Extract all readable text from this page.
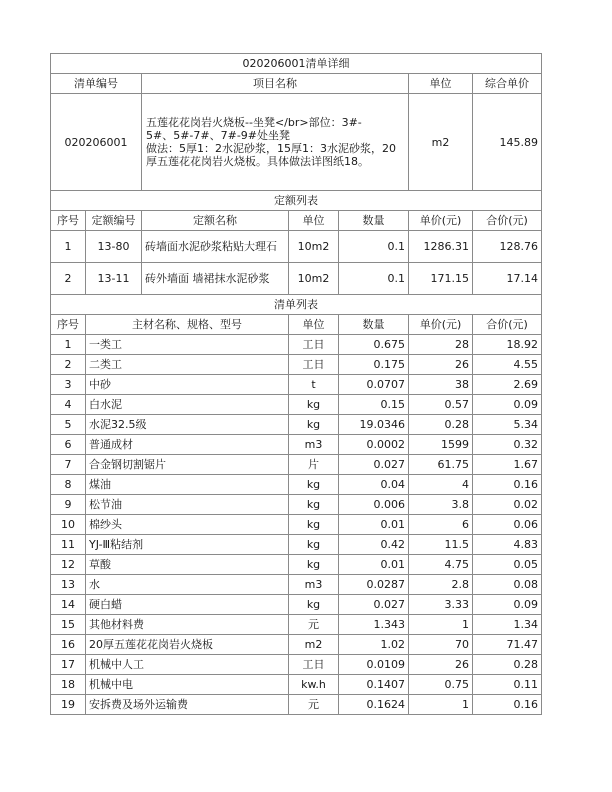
020206001清单详细						
清单编号		项目名称			单位	综合单价
020206001		五莲花花岗岩火烧板--坐凳</br>部位：3#-
5#、5#-7#、7#-9#处坐凳
做法：5厚1：2水泥砂浆，15厚1：3水泥砂浆，20
厚五莲花花岗岩火烧板。具体做法详图纸18。			m2	145.89
定额列表						
序号	定额编号	定额名称	单位	数量	单价(元)	合价(元)
1	13-80	砖墙面水泥砂浆粘贴大理石	10m2	0.1	1286.31	128.76
2	13-11	砖外墙面 墙裙抹水泥砂浆	10m2	0.1	171.15	17.14
清单列表						
序号	主材名称、规格、型号		单位	数量	单价(元)	合价(元)
1	一类工		工日	0.675	28	18.92
2	二类工		工日	0.175	26	4.55
3	中砂		t	0.0707	38	2.69
4	白水泥		kg	0.15	0.57	0.09
5	水泥32.5级		kg	19.0346	0.28	5.34
6	普通成材		m3	0.0002	1599	0.32
7	合金钢切割锯片		片	0.027	61.75	1.67
8	煤油		kg	0.04	4	0.16
9	松节油		kg	0.006	3.8	0.02
10	棉纱头		kg	0.01	6	0.06
11	YJ-Ⅲ粘结剂		kg	0.42	11.5	4.83
12	草酸		kg	0.01	4.75	0.05
13	水		m3	0.0287	2.8	0.08
14	硬白蜡		kg	0.027	3.33	0.09
15	其他材料费		元	1.343	1	1.34
16	20厚五莲花花岗岩火烧板		m2	1.02	70	71.47
17	机械中人工		工日	0.0109	26	0.28
18	机械中电		kw.h	0.1407	0.75	0.11
19	安拆费及场外运输费		元	0.1624	1	0.16
